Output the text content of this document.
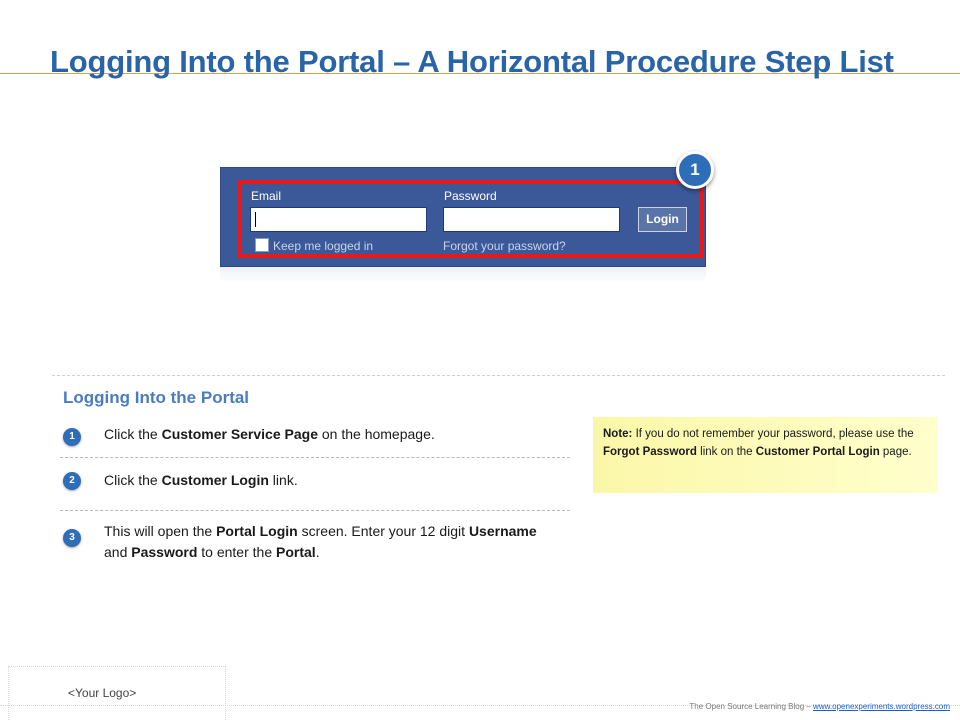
Logging Into the Portal – A Horizontal Procedure Step List
Email	Password
Login
Keep me logged in	Forgot your password?
1
Logging Into the Portal
1	Click the Customer Service Page on the homepage.
2	Click the Customer Login link.
3	This will open the Portal Login screen. Enter your 12 digit Username and Password to enter the Portal.
Note: If you do not remember your password, please use the Forgot Password link on the Customer Portal Login page.
<Your Logo>
The Open Source Learning Blog – www.openexperiments.wordpress.com
